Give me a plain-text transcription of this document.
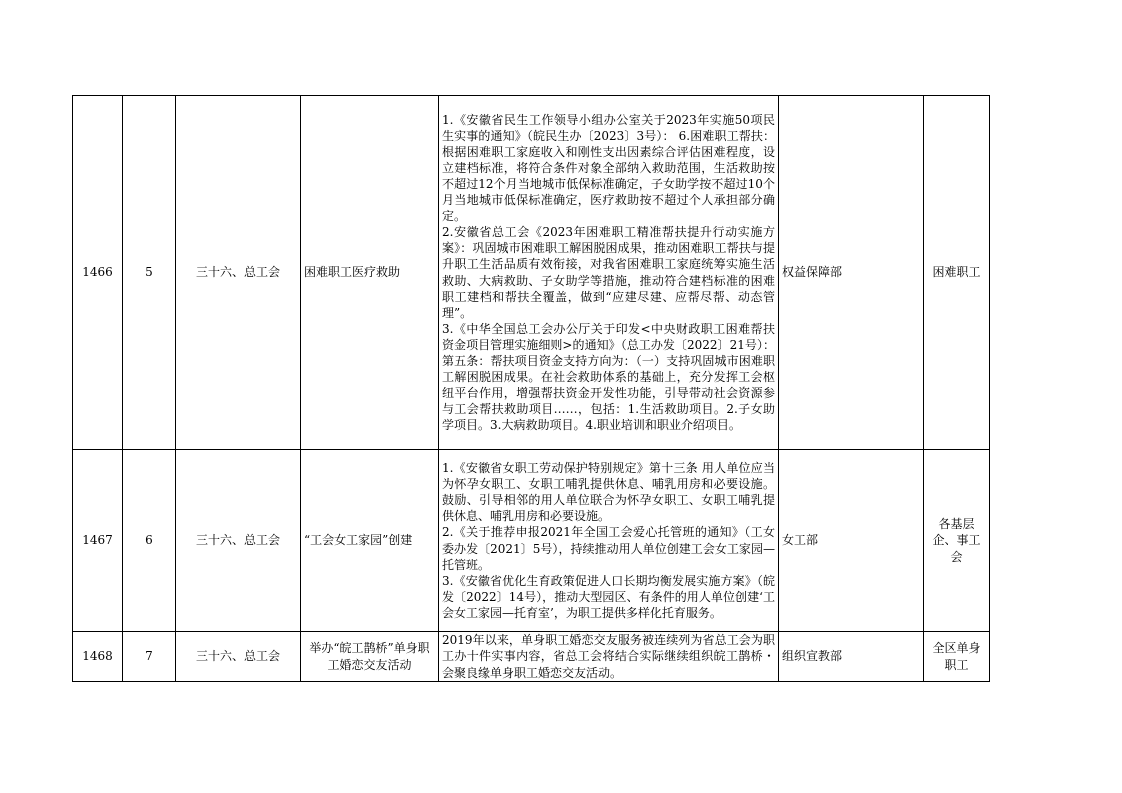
1466	5	三十六、总工会	困难职工医疗救助	1.《安徽省民生工作领导小组办公室关于2023年实施50项民生实事的通知》（皖民生办〔2023〕3号）： 6.困难职工帮扶：根据困难职工家庭收入和刚性支出因素综合评估困难程度，设立建档标准，将符合条件对象全部纳入救助范围，生活救助按不超过12个月当地城市低保标准确定，子女助学按不超过10个月当地城市低保标准确定，医疗救助按不超过个人承担部分确定。
2.安徽省总工会《2023年困难职工精准帮扶提升行动实施方案》：巩固城市困难职工解困脱困成果，推动困难职工帮扶与提升职工生活品质有效衔接，对我省困难职工家庭统筹实施生活救助、大病救助、子女助学等措施，推动符合建档标准的困难职工建档和帮扶全覆盖，做到“应建尽建、应帮尽帮、动态管理”。
3.《中华全国总工会办公厅关于印发<中央财政职工困难帮扶资金项目管理实施细则>的通知》（总工办发〔2022〕21号）：第五条：帮扶项目资金支持方向为：（一）支持巩固城市困难职工解困脱困成果。在社会救助体系的基础上，充分发挥工会枢纽平台作用，增强帮扶资金开发性功能，引导带动社会资源参与工会帮扶救助项目……，包括：1.生活救助项目。2.子女助学项目。3.大病救助项目。4.职业培训和职业介绍项目。	权益保障部	困难职工
1467	6	三十六、总工会	“工会女工家园”创建	1.《安徽省女职工劳动保护特别规定》第十三条 用人单位应当为怀孕女职工、女职工哺乳提供休息、哺乳用房和必要设施。鼓励、引导相邻的用人单位联合为怀孕女职工、女职工哺乳提供休息、哺乳用房和必要设施。
2.《关于推荐申报2021年全国工会爱心托管班的通知》（工女委办发〔2021〕5号），持续推动用人单位创建工会女工家园—托管班。
3.《安徽省优化生育政策促进人口长期均衡发展实施方案》（皖发〔2022〕14号），推动大型园区、有条件的用人单位创建‘工会女工家园—托育室’，为职工提供多样化托育服务。	女工部	各基层企、事工会
1468	7	三十六、总工会	举办“皖工鹊桥”单身职工婚恋交友活动	2019年以来，单身职工婚恋交友服务被连续列为省总工会为职工办十件实事内容，省总工会将结合实际继续组织皖工鹊桥・会聚良缘单身职工婚恋交友活动。	组织宣教部	全区单身职工
